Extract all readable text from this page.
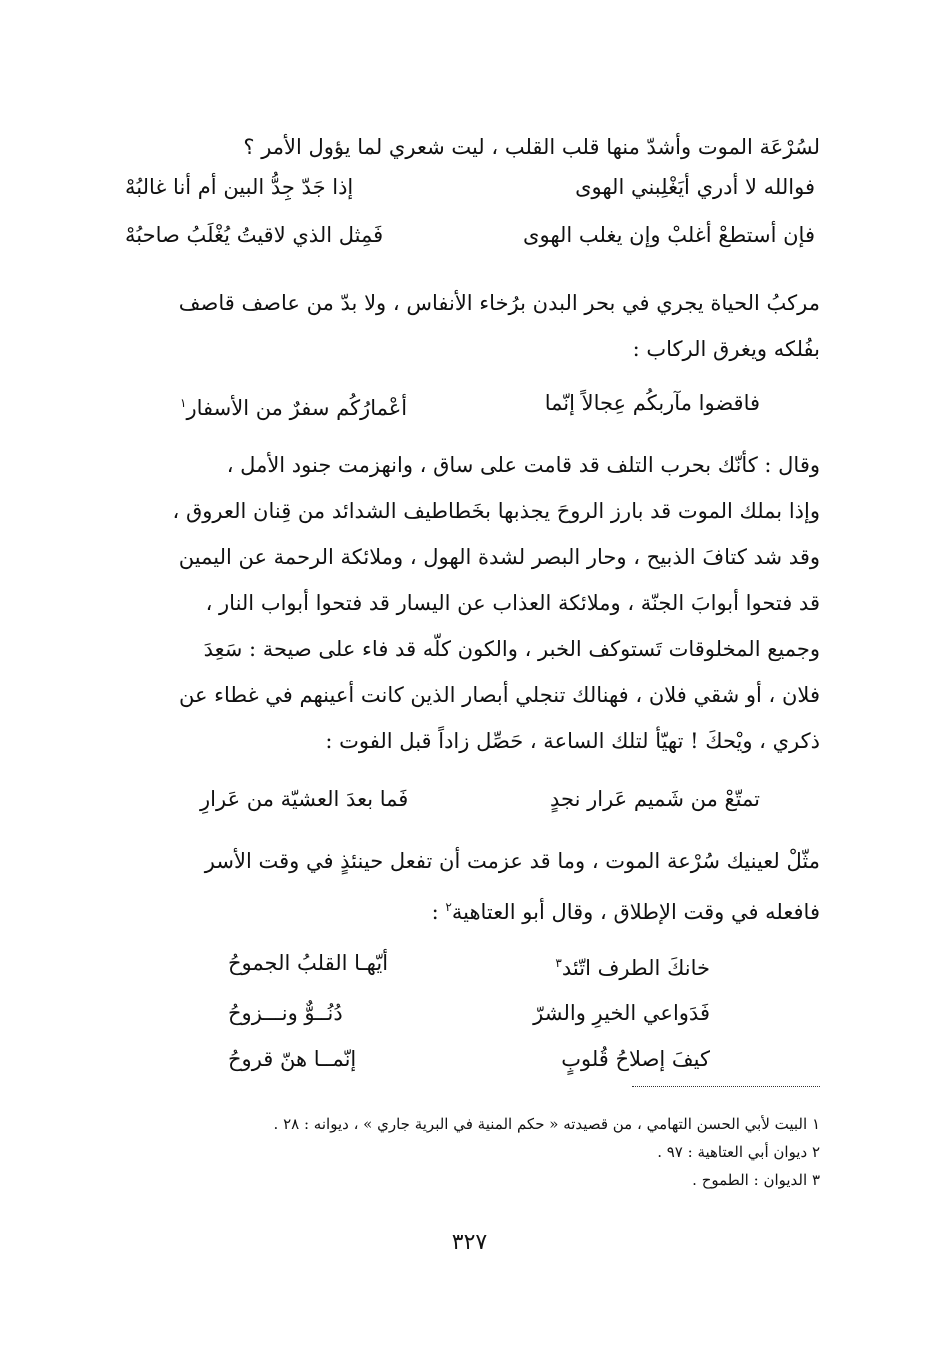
لسُرْعَة الموت وأشدّ منها قلب القلب ، ليت شعري لما يؤول الأمر ؟
فوالله لا أدري أيَغْلِبني الهوى
إذا جَدّ جِدُّ البين أم أنا غالبُهْ
فإن أستطعْ أغلبْ وإن يغلب الهوى
فَمِثل الذي لاقيتُ يُغْلَبُ صاحبُهْ
مركبُ الحياة يجري في بحر البدن برُخاء الأنفاس ، ولا بدّ من عاصف قاصف
بفُلكه ويغرق الركاب :
فاقضوا مآربكُم عِجالاً إنّما
أعْمارُكُم سفرٌ من الأسفار$^١$
وقال : كأنّك بحرب التلف قد قامت على ساق ، وانهزمت جنود الأمل ،
وإذا بملك الموت قد بارز الروحَ يجذبها بخَطاطيف الشدائد من قِنان العروق ،
وقد شد كتافَ الذبيح ، وحار البصر لشدة الهول ، وملائكة الرحمة عن اليمين
قد فتحوا أبوابَ الجنّة ، وملائكة العذاب عن اليسار قد فتحوا أبواب النار ،
وجميع المخلوقات تَستوكف الخبر ، والكون كلّه قد فاء على صيحة : سَعِدَ
فلان ، أو شقي فلان ، فهنالك تنجلي أبصار الذين كانت أعينهم في غطاء عن
ذكري ، ويْحكَ ! تهيّأ لتلك الساعة ، حَصِّل زاداً قبل الفوت :
تمتّعْ من شَميم عَرار نجدٍ
فَما بعدَ العشيّة من عَرارِ
مثّلْ لعينيك سُرْعة الموت ، وما قد عزمت أن تفعل حينئذٍ في وقت الأسر
فافعله في وقت الإطلاق ، وقال أبو العتاهية$^٢$ :
خانكَ الطرف اتّئد$^٣$
أيّهـا القلبُ الجموحُ
فَدَواعي الخيرِ والشرّ
دُنُــوٌّ ونـــزوحُ
كيفَ إصلاحُ قُلوبٍ
إنّمــا هنّ قروحُ
١ البيت لأبي الحسن التهامي ، من قصيدته « حكم المنية في البرية جاري » ، ديوانه : ٢٨ .
٢ ديوان أبي العتاهية : ٩٧ .
٣ الديوان : الطموح .
٣٢٧
